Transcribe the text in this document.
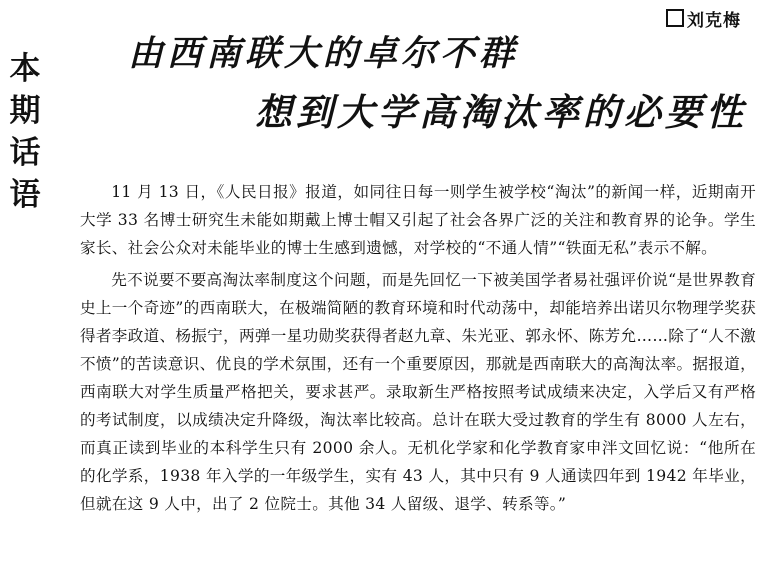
刘克梅
本期话语
由西南联大的卓尔不群
想到大学高淘汰率的必要性

11 月 13 日，《人民日报》报道，如同往日每一则学生被学校“淘汰”的新闻一样，近期南开大学 33 名博士研究生未能如期戴上博士帽又引起了社会各界广泛的关注和教育界的论争。学生家长、社会公众对未能毕业的博士生感到遗憾，对学校的“不通人情”“铁面无私”表示不解。

先不说要不要高淘汰率制度这个问题，而是先回忆一下被美国学者易社强评价说“是世界教育史上一个奇迹”的西南联大，在极端简陋的教育环境和时代动荡中，却能培养出诺贝尔物理学奖获得者李政道、杨振宁，两弹一星功勋奖获得者赵九章、朱光亚、郭永怀、陈芳允……除了“人不激不愤”的苦读意识、优良的学术氛围，还有一个重要原因，那就是西南联大的高淘汰率。据报道，西南联大对学生质量严格把关，要求甚严。录取新生严格按照考试成绩来决定，入学后又有严格的考试制度，以成绩决定升降级，淘汰率比较高。总计在联大受过教育的学生有 8000 人左右，而真正读到毕业的本科学生只有 2000 余人。无机化学家和化学教育家申泮文回忆说：“他所在的化学系，1938 年入学的一年级学生，实有 43 人，其中只有 9 人通读四年到 1942 年毕业，但就在这 9 人中，出了 2 位院士。其他 34 人留级、退学、转系等。”
